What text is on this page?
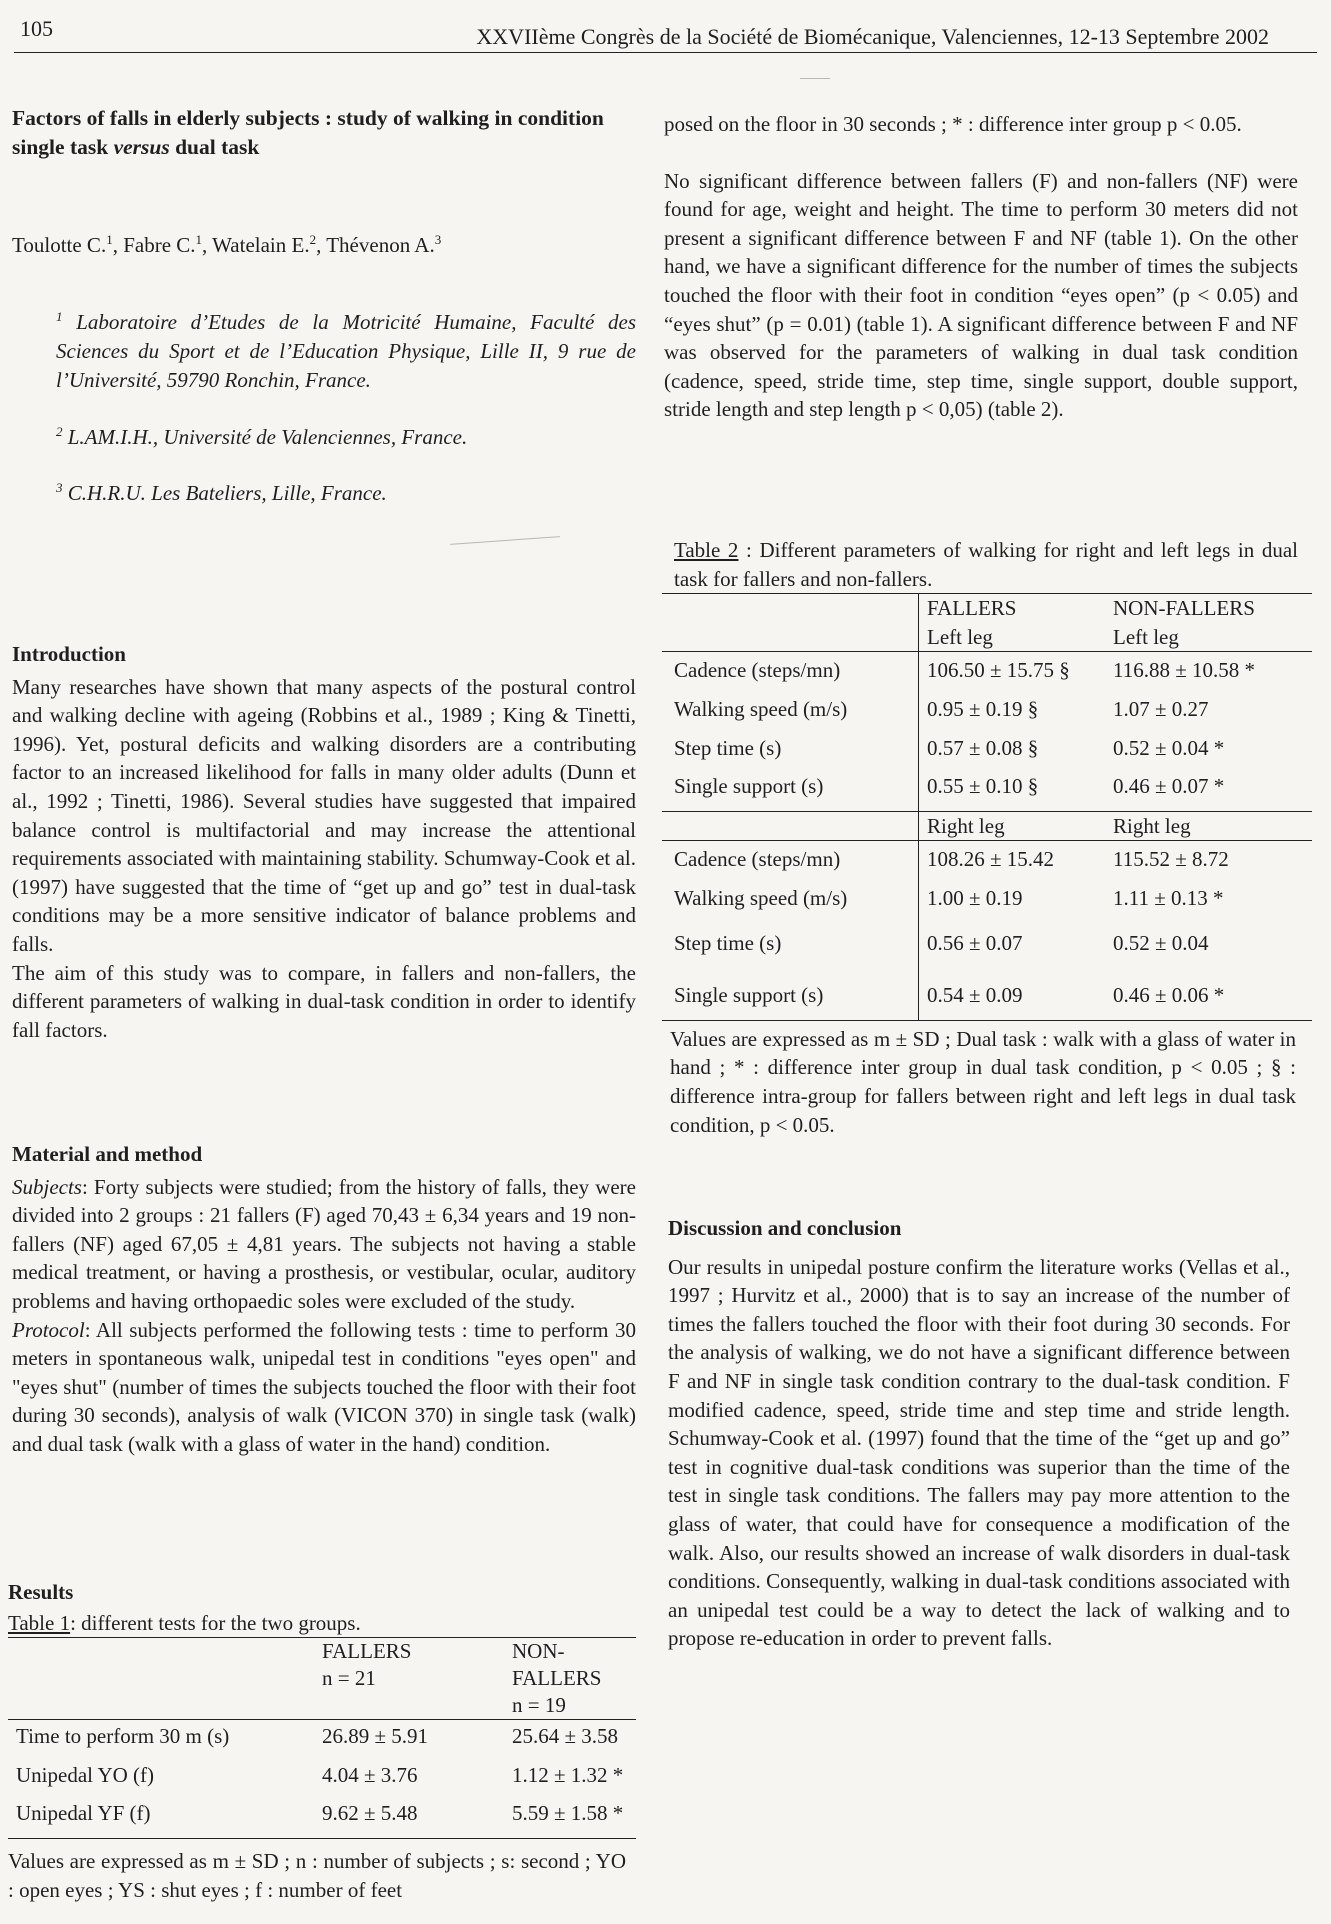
105	XXVIIème Congrès de la Société de Biomécanique, Valenciennes, 12-13 Septembre 2002

Factors of falls in elderly subjects : study of walking in condition single task versus dual task

Toulotte C.$^1$, Fabre C.$^1$, Watelain E.$^2$, Thévenon A.$^3$

$^1$ Laboratoire d’Etudes de la Motricité Humaine, Faculté des Sciences du Sport et de l’Education Physique, Lille II, 9 rue de l’Université, 59790 Ronchin, France.

$^2$ L.AM.I.H., Université de Valenciennes, France.

$^3$ C.H.R.U. Les Bateliers, Lille, France.

Introduction

Many researches have shown that many aspects of the postural control and walking decline with ageing (Robbins et al., 1989 ; King & Tinetti, 1996). Yet, postural deficits and walking disorders are a contributing factor to an increased likelihood for falls in many older adults (Dunn et al., 1992 ; Tinetti, 1986). Several studies have suggested that impaired balance control is multifactorial and may increase the attentional requirements associated with maintaining stability. Schumway-Cook et al. (1997) have suggested that the time of “get up and go” test in dual-task conditions may be a more sensitive indicator of balance problems and falls.

The aim of this study was to compare, in fallers and non-fallers, the different parameters of walking in dual-task condition in order to identify fall factors.

Material and method

Subjects: Forty subjects were studied; from the history of falls, they were divided into 2 groups : 21 fallers (F) aged 70,43 ± 6,34 years and 19 non-fallers (NF) aged 67,05 ± 4,81 years. The subjects not having a stable medical treatment, or having a prosthesis, or vestibular, ocular, auditory problems and having orthopaedic soles were excluded of the study.

Protocol: All subjects performed the following tests : time to perform 30 meters in spontaneous walk, unipedal test in conditions "eyes open" and "eyes shut" (number of times the subjects touched the floor with their foot during 30 seconds), analysis of walk (VICON 370) in single task (walk) and dual task (walk with a glass of water in the hand) condition.

Results
Table 1: different tests for the two groups.
	FALLERS
n = 21	NON-
FALLERS
n = 19
Time to perform 30 m (s)	26.89 ± 5.91	25.64 ± 3.58
Unipedal YO (f)	4.04 ± 3.76	1.12 ± 1.32 *
Unipedal YF (f)	9.62 ± 5.48	5.59 ± 1.58 *

Values are expressed as m ± SD ; n : number of subjects ; s: second ; YO : open eyes ; YS : shut eyes ; f : number of feet

posed on the floor in 30 seconds ; * : difference inter group p < 0.05.

No significant difference between fallers (F) and non-fallers (NF) were found for age, weight and height. The time to perform 30 meters did not present a significant difference between F and NF (table 1). On the other hand, we have a significant difference for the number of times the subjects touched the floor with their foot in condition “eyes open” (p < 0.05) and “eyes shut” (p = 0.01) (table 1). A significant difference between F and NF was observed for the parameters of walking in dual task condition (cadence, speed, stride time, step time, single support, double support, stride length and step length p < 0,05) (table 2).

Table 2 : Different parameters of walking for right and left legs in dual task for fallers and non-fallers.
	FALLERS	NON-FALLERS
	Left leg	Left leg
Cadence (steps/mn)	106.50 ± 15.75 §	116.88 ± 10.58 *
Walking speed (m/s)	0.95 ± 0.19 §	1.07 ± 0.27
Step time (s)	0.57 ± 0.08 §	0.52 ± 0.04 *
Single support (s)	0.55 ± 0.10 §	0.46 ± 0.07 *
	Right leg	Right leg
Cadence (steps/mn)	108.26 ± 15.42	115.52 ± 8.72
Walking speed (m/s)	1.00 ± 0.19	1.11 ± 0.13 *
Step time (s)	0.56 ± 0.07	0.52 ± 0.04
Single support (s)	0.54 ± 0.09	0.46 ± 0.06 *

Values are expressed as m ± SD ; Dual task : walk with a glass of water in hand ; * : difference inter group in dual task condition, p < 0.05 ; § : difference intra-group for fallers between right and left legs in dual task condition, p < 0.05.

Discussion and conclusion

Our results in unipedal posture confirm the literature works (Vellas et al., 1997 ; Hurvitz et al., 2000) that is to say an increase of the number of times the fallers touched the floor with their foot during 30 seconds. For the analysis of walking, we do not have a significant difference between F and NF in single task condition contrary to the dual-task condition. F modified cadence, speed, stride time and step time and stride length. Schumway-Cook et al. (1997) found that the time of the “get up and go” test in cognitive dual-task conditions was superior than the time of the test in single task conditions. The fallers may pay more attention to the glass of water, that could have for consequence a modification of the walk. Also, our results showed an increase of walk disorders in dual-task conditions. Consequently, walking in dual-task conditions associated with an unipedal test could be a way to detect the lack of walking and to propose re-education in order to prevent falls.
